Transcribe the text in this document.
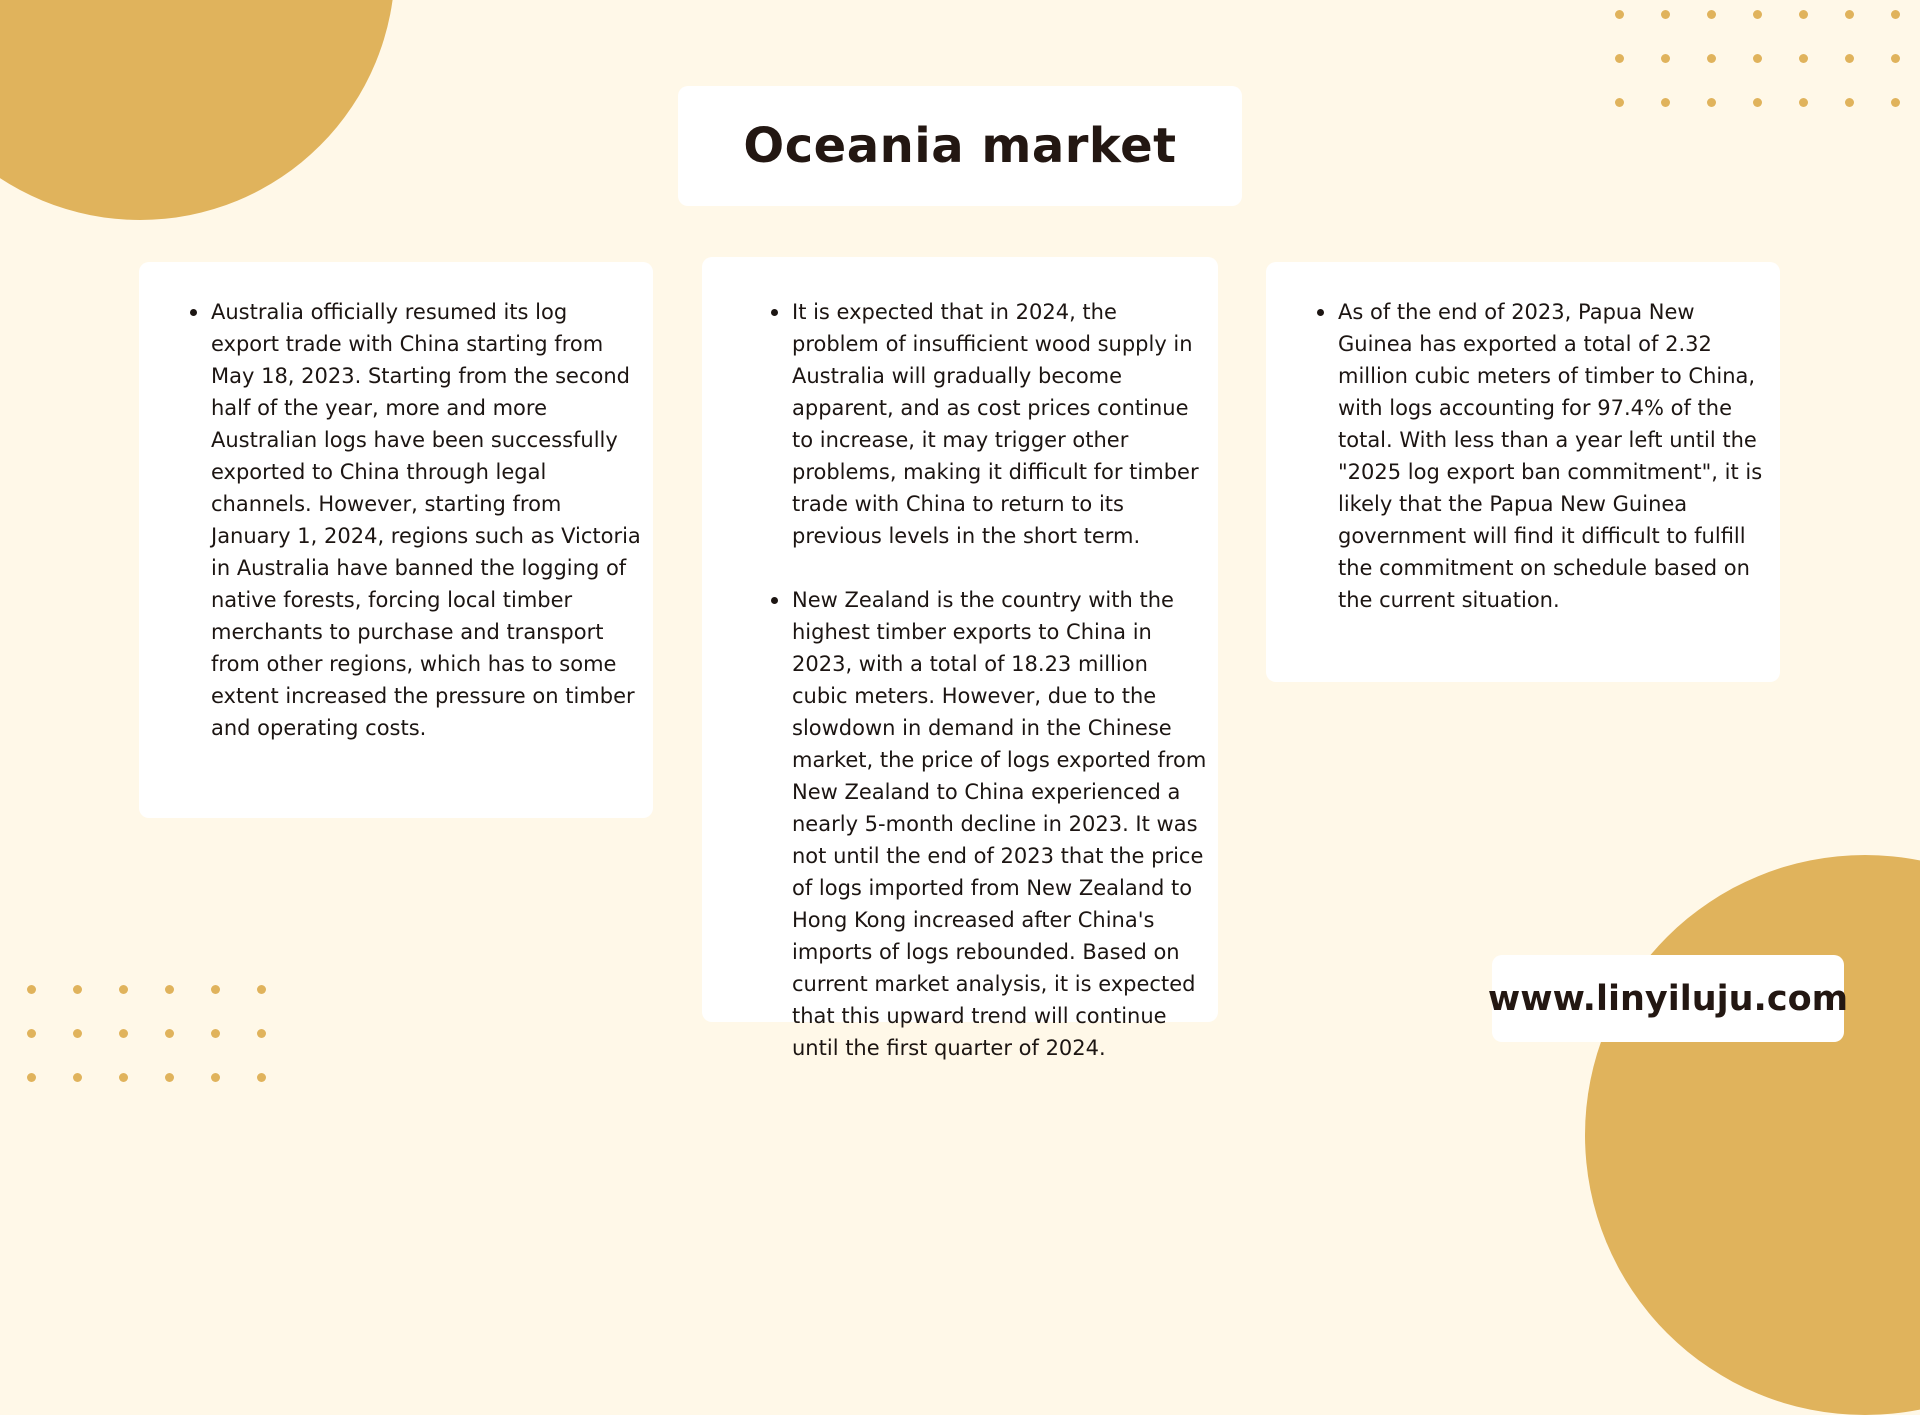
Oceania market
Australia officially resumed its log export trade with China starting from May 18, 2023. Starting from the second half of the year, more and more Australian logs have been successfully exported to China through legal channels. However, starting from January 1, 2024, regions such as Victoria in Australia have banned the logging of native forests, forcing local timber merchants to purchase and transport from other regions, which has to some extent increased the pressure on timber and operating costs.
It is expected that in 2024, the problem of insufficient wood supply in Australia will gradually become apparent, and as cost prices continue to increase, it may trigger other problems, making it difficult for timber trade with China to return to its previous levels in the short term.
New Zealand is the country with the highest timber exports to China in 2023, with a total of 18.23 million cubic meters. However, due to the slowdown in demand in the Chinese market, the price of logs exported from New Zealand to China experienced a nearly 5-month decline in 2023. It was not until the end of 2023 that the price of logs imported from New Zealand to Hong Kong increased after China's imports of logs rebounded. Based on current market analysis, it is expected that this upward trend will continue until the first quarter of 2024.
As of the end of 2023, Papua New Guinea has exported a total of 2.32 million cubic meters of timber to China, with logs accounting for 97.4% of the total. With less than a year left until the "2025 log export ban commitment", it is likely that the Papua New Guinea government will find it difficult to fulfill the commitment on schedule based on the current situation.
www.linyiluju.com
